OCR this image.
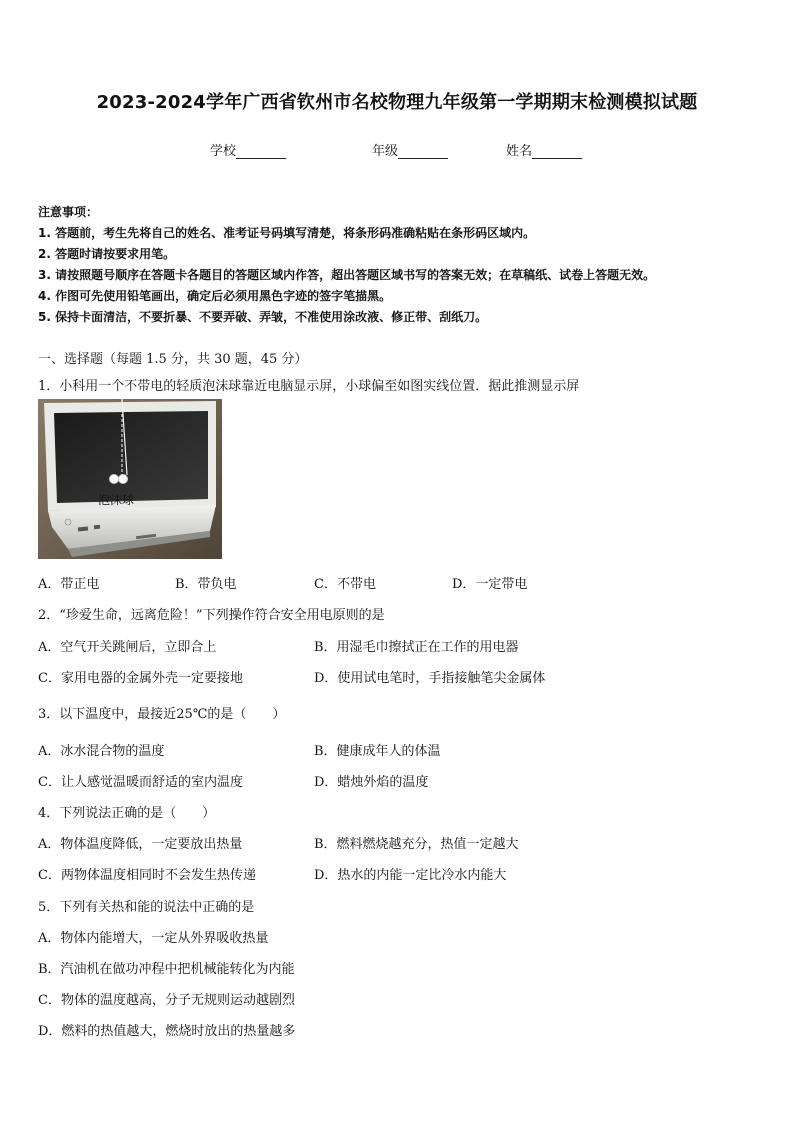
2023-2024学年广西省钦州市名校物理九年级第一学期期末检测模拟试题
学校	年级	姓名
注意事项：
1. 答题前，考生先将自己的姓名、准考证号码填写清楚，将条形码准确粘贴在条形码区域内。
2. 答题时请按要求用笔。
3. 请按照题号顺序在答题卡各题目的答题区域内作答，超出答题区域书写的答案无效；在草稿纸、试卷上答题无效。
4. 作图可先使用铅笔画出，确定后必须用黑色字迹的签字笔描黑。
5. 保持卡面清洁，不要折暴、不要弄破、弄皱，不准使用涂改液、修正带、刮纸刀。
一、选择题（每题 1.5 分，共 30 题，45 分）
1．小科用一个不带电的轻质泡沫球靠近电脑显示屏，小球偏至如图实线位置．据此推测显示屏
泡沫球
A．带正电	B．带负电	C．不带电	D．一定带电
2．“珍爱生命，远离危险！”下列操作符合安全用电原则的是
A．空气开关跳闸后，立即合上	B．用湿毛巾擦拭正在工作的用电器
C．家用电器的金属外壳一定要接地	D．使用试电笔时，手指接触笔尖金属体
3．以下温度中，最接近25℃的是（　　）
A．冰水混合物的温度	B．健康成年人的体温
C．让人感觉温暖而舒适的室内温度	D．蜡烛外焰的温度
4．下列说法正确的是（　　）
A．物体温度降低，一定要放出热量	B．燃料燃烧越充分，热值一定越大
C．两物体温度相同时不会发生热传递	D．热水的内能一定比冷水内能大
5．下列有关热和能的说法中正确的是
A．物体内能增大，一定从外界吸收热量
B．汽油机在做功冲程中把机械能转化为内能
C．物体的温度越高，分子无规则运动越剧烈
D．燃料的热值越大，燃烧时放出的热量越多
